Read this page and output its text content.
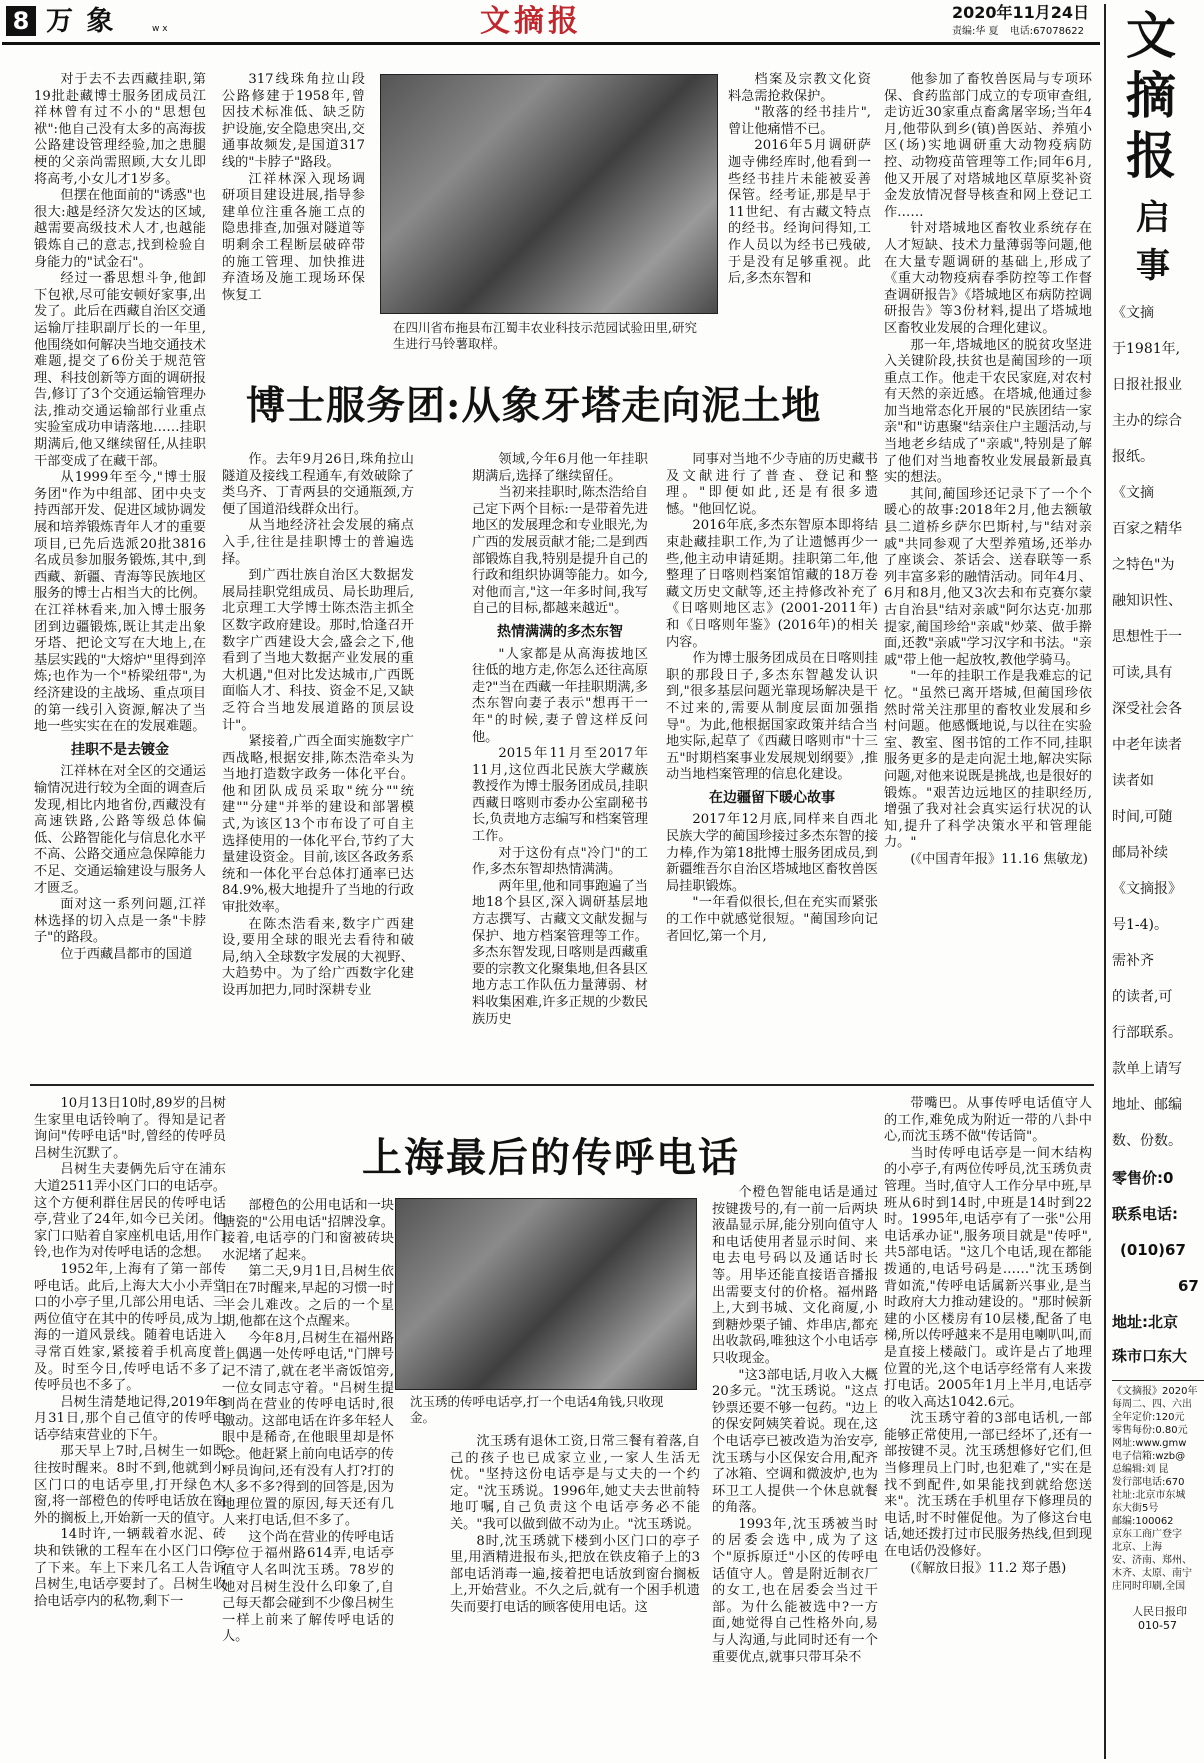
8 万 象	w x	文摘报	2020年11月24日
责编:华 夏 电话:67078622

对于去不去西藏挂职,第19批赴藏博士服务团成员江祥林曾有过不小的"思想包袱":他自己没有太多的高海拔公路建设管理经验,加之患腿梗的父亲尚需照顾,大女儿即将高考,小女儿才1岁多。

但摆在他面前的"诱惑"也很大:越是经济欠发达的区域,越需要高级技术人才,也越能锻炼自己的意志,找到检验自身能力的"试金石"。

经过一番思想斗争,他卸下包袱,尽可能安顿好家事,出发了。此后在西藏自治区交通运输厅挂职副厅长的一年里,他围绕如何解决当地交通技术难题,提交了6份关于规范管理、科技创新等方面的调研报告,修订了3个交通运输管理办法,推动交通运输部行业重点实验室成功申请落地……挂职期满后,他又继续留任,从挂职干部变成了在藏干部。

从1999年至今,"博士服务团"作为中组部、团中央支持西部开发、促进区域协调发展和培养锻炼青年人才的重要项目,已先后选派20批3816名成员参加服务锻炼,其中,到西藏、新疆、青海等民族地区服务的博士占相当大的比例。在江祥林看来,加入博士服务团到边疆锻炼,既让其走出象牙塔、把论文写在大地上,在基层实践的"大熔炉"里得到淬炼;也作为一个"桥梁纽带",为经济建设的主战场、重点项目的第一线引入资源,解决了当地一些实实在在的发展难题。

挂职不是去镀金

江祥林在对全区的交通运输情况进行较为全面的调查后发现,相比内地省份,西藏没有高速铁路,公路等级总体偏低、公路智能化与信息化水平不高、公路交通应急保障能力不足、交通运输建设与服务人才匮乏。

面对这一系列问题,江祥林选择的切入点是一条"卡脖子"的路段。

位于西藏昌都市的国道

317线珠角拉山段公路修建于1958年,曾因技术标准低、缺乏防护设施,安全隐患突出,交通事故频发,是国道317线的"卡脖子"路段。

江祥林深入现场调研项目建设进展,指导参建单位注重各施工点的隐患排查,加强对隧道等明剩余工程断层破碎带的施工管理、加快推进弃渣场及施工现场环保恢复工

在四川省布拖县布江蜀丰农业科技示范园试验田里,研究生进行马铃薯取样。

档案及宗教文化资料急需抢救保护。

"散落的经书挂片",曾让他痛惜不已。

2016年5月调研萨迦寺佛经库时,他看到一些经书挂片未能被妥善保管。经考证,那是早于11世纪、有古藏文特点的经书。经询问得知,工作人员以为经书已残破,于是没有足够重视。此后,多杰东智和

他参加了畜牧兽医局与专项环保、食药监部门成立的专项审查组,走访近30家重点畜禽屠宰场;当年4月,他带队到乡(镇)兽医站、养殖小区(场)实地调研重大动物疫病防控、动物疫苗管理等工作;同年6月,他又开展了对塔城地区草原奖补资金发放情况督导核查和网上登记工作……

针对塔城地区畜牧业系统存在人才短缺、技术力量薄弱等问题,他在大量专题调研的基础上,形成了《重大动物疫病春季防控等工作督查调研报告》《塔城地区布病防控调研报告》等3份材料,提出了塔城地区畜牧业发展的合理化建议。

那一年,塔城地区的脱贫攻坚进入关键阶段,扶贫也是蔺国珍的一项重点工作。他走干农民家庭,对农村有天然的亲近感。在塔城,他通过参加当地常态化开展的"民族团结一家亲"和"访惠聚"结亲住户主题活动,与当地老乡结成了"亲戚",特别是了解了他们对当地畜牧业发展最新最真实的想法。

其间,蔺国珍还记录下了一个个暖心的故事:2018年2月,他去额敏县二道桥乡萨尔巴斯村,与"结对亲戚"共同参观了大型养殖场,还举办了座谈会、茶话会、送春联等一系列丰富多彩的融情活动。同年4月、6月和8月,他又3次去和布克赛尔蒙古自治县"结对亲戚"阿尔达克·加那提家,蔺国珍给"亲戚"炒菜、做手擀面,还教"亲戚"学习汉字和书法。"亲戚"带上他一起放牧,教他学骑马。

"一年的挂职工作是我难忘的记忆。"虽然已离开塔城,但蔺国珍依然时常关注那里的畜牧业发展和乡村问题。他感慨地说,与以往在实验室、教室、图书馆的工作不同,挂职服务更多的是走向泥土地,解决实际问题,对他来说既是挑战,也是很好的锻炼。"艰苦边远地区的挂职经历,增强了我对社会真实运行状况的认知,提升了科学决策水平和管理能力。"

(《中国青年报》11.16 焦敏龙)

博士服务团:从象牙塔走向泥土地

作。去年9月26日,珠角拉山隧道及接线工程通车,有效破除了类乌齐、丁青两县的交通瓶颈,方便了国道沿线群众出行。

从当地经济社会发展的痛点入手,往往是挂职博士的普遍选择。

到广西壮族自治区大数据发展局挂职党组成员、局长助理后,北京理工大学博士陈杰浩主抓全区数字政府建设。那时,恰逢召开数字广西建设大会,盛会之下,他看到了当地大数据产业发展的重大机遇,"但对比发达城市,广西既面临人才、科技、资金不足,又缺乏符合当地发展道路的顶层设计"。

紧接着,广西全面实施数字广西战略,根据安排,陈杰浩牵头为当地打造数字政务一体化平台。他和团队成员采取"统分""统建""分建"并举的建设和部署模式,为该区13个市布设了可自主选择使用的一体化平台,节约了大量建设资金。目前,该区各政务系统和一体化平台总体打通率已达84.9%,极大地提升了当地的行政审批效率。

在陈杰浩看来,数字广西建设,要用全球的眼光去看待和破局,纳入全球数字发展的大视野、大趋势中。为了给广西数字化建设再加把力,同时深耕专业

领域,今年6月他一年挂职期满后,选择了继续留任。

当初来挂职时,陈杰浩给自己定下两个目标:一是带着先进地区的发展理念和专业眼光,为广西的发展贡献才能;二是到西部锻炼自我,特别是提升自己的行政和组织协调等能力。如今,对他而言,"这一年多时间,我写自己的目标,都越来越近"。

热情满满的多杰东智

"人家都是从高海拔地区往低的地方走,你怎么还往高原走?"当在西藏一年挂职期满,多杰东智向妻子表示"想再干一年"的时候,妻子曾这样反问他。

2015年11月至2017年11月,这位西北民族大学藏族教授作为博士服务团成员,挂职西藏日喀则市委办公室副秘书长,负责地方志编写和档案管理工作。

对于这份有点"冷门"的工作,多杰东智却热情满满。

两年里,他和同事跑遍了当地18个县区,深入调研基层地方志撰写、古藏文文献发掘与保护、地方档案管理等工作。多杰东智发现,日喀则是西藏重要的宗教文化聚集地,但各县区地方志工作队伍力量薄弱、材料收集困难,许多正规的少数民族历史

同事对当地不少寺庙的历史藏书及文献进行了普查、登记和整理。"即便如此,还是有很多遗憾。"他回忆说。

2016年底,多杰东智原本即将结束赴藏挂职工作,为了让遗憾再少一些,他主动申请延期。挂职第二年,他整理了日喀则档案馆馆藏的18万卷藏文历史文献等,还主持修改补充了《日喀则地区志》(2001-2011年)和《日喀则年鉴》(2016年)的相关内容。

作为博士服务团成员在日喀则挂职的那段日子,多杰东智越发认识到,"很多基层问题光靠现场解决是干不过来的,需要从制度层面加强指导"。为此,他根据国家政策并结合当地实际,起草了《西藏日喀则市"十三五"时期档案事业发展规划纲要》,推动当地档案管理的信息化建设。

在边疆留下暖心故事

2017年12月底,同样来自西北民族大学的蔺国珍接过多杰东智的接力棒,作为第18批博士服务团成员,到新疆维吾尔自治区塔城地区畜牧兽医局挂职锻炼。

"一年看似很长,但在充实而紧张的工作中就感觉很短。"蔺国珍向记者回忆,第一个月,

10月13日10时,89岁的吕树生家里电话铃响了。得知是记者询问"传呼电话"时,曾经的传呼员吕树生沉默了。

吕树生夫妻俩先后守在浦东大道2511弄小区门口的电话亭。这个方便利群住居民的传呼电话亭,营业了24年,如今已关闭。他家门口贴着自家座机电话,用作门铃,也作为对传呼电话的念想。

1952年,上海有了第一部传呼电话。此后,上海大大小小弄堂口的小亭子里,几部公用电话、三两位值守在其中的传呼员,成为上海的一道风景线。随着电话进入寻常百姓家,紧接着手机高度普及。时至今日,传呼电话不多了,传呼员也不多了。

吕树生清楚地记得,2019年8月31日,那个自己值守的传呼电话亭结束营业的下午。

那天早上7时,吕树生一如既往按时醒来。8时不到,他就到小区门口的电话亭里,打开绿色木窗,将一部橙色的传呼电话放在窗外的搁板上,开始新一天的值守。

14时许,一辆载着水泥、砖块和铁锹的工程车在小区门口停了下来。车上下来几名工人告诉吕树生,电话亭要封了。吕树生收拾电话亭内的私物,剩下一

上海最后的传呼电话

部橙色的公用电话和一块搪瓷的"公用电话"招牌没拿。接着,电话亭的门和窗被砖块水泥堵了起来。

第二天,9月1日,吕树生依旧在7时醒来,早起的习惯一时半会儿难改。之后的一个星期,他都在这个点醒来。

今年8月,吕树生在福州路上偶遇一处传呼电话,"门牌号记不清了,就在老半斋饭馆旁,一位女同志守着。"吕树生提到尚在营业的传呼电话时,很激动。这部电话在许多年轻人眼中是稀奇,在他眼里却是怀念。他赶紧上前向电话亭的传呼员询问,还有没有人打?打的人多不多?得到的回答是,因为地理位置的原因,每天还有几人来打电话,但不多了。

这个尚在营业的传呼电话亭位于福州路614弄,电话亭值守人名叫沈玉琇。78岁的她对吕树生没什么印象了,自己每天都会碰到不少像吕树生一样上前来了解传呼电话的人。

沈玉琇的传呼电话亭,打一个电话4角钱,只收现金。

个橙色智能电话是通过按键拨号的,有一前一后两块液晶显示屏,能分别向值守人和电话使用者显示时间、来电去电号码以及通话时长等。用毕还能直接语音播报出需要支付的价格。福州路上,大到书城、文化商厦,小到糖炒栗子铺、炸串店,都充出收款码,唯独这个小电话亭只收现金。

"这3部电话,月收入大概20多元。"沈玉琇说。"这点钞票还要不够一包药。"边上的保安阿姨笑着说。现在,这个电话亭已被改造为治安亭,沈玉琇与小区保安合用,配齐了冰箱、空调和微波炉,也为环卫工人提供一个休息就餐的角落。

1993年,沈玉琇被当时的居委会选中,成为了这个"原拆原迁"小区的传呼电话值守人。曾是附近制衣厂的女工,也在居委会当过干部。为什么能被选中?一方面,她觉得自己性格外向,易与人沟通,与此同时还有一个重要优点,就事只带耳朵不

沈玉琇有退休工资,日常三餐有着落,自己的孩子也已成家立业,一家人生活无忧。"坚持这份电话亭是与丈夫的一个约定。"沈玉琇说。1996年,她丈夫去世前特地叮嘱,自己负责这个电话亭务必不能关。"我可以做到做不动为止。"沈玉琇说。

8时,沈玉琇就下楼到小区门口的亭子里,用酒精进报布头,把放在铁皮箱子上的3部电话消毒一遍,接着把电话放到窗台搁板上,开始营业。不久之后,就有一个困手机遗失而要打电话的顾客使用电话。这

带嘴巴。从事传呼电话值守人的工作,难免成为附近一带的八卦中心,而沈玉琇不做"传话筒"。

当时传呼电话亭是一间木结构的小亭子,有两位传呼员,沈玉琇负责管理。当时,值守人工作分早中班,早班从6时到14时,中班是14时到22时。1995年,电话亭有了一张"公用电话承办证",服务项目就是"传呼",共5部电话。"这几个电话,现在都能拨通的,电话号码是……"沈玉琇倒背如流,"传呼电话属新兴事业,是当时政府大力推动建设的。"那时候新建的小区楼房有10层楼,配备了电梯,所以传呼越来不是用电喇叭叫,而是直接上楼敲门。或许是占了地理位置的光,这个电话亭经常有人来拨打电话。2005年1月上半月,电话亭的收入高达1042.6元。

沈玉琇守着的3部电话机,一部能够正常使用,一部已经坏了,还有一部按键不灵。沈玉琇想修好它们,但当修理员上门时,也犯难了,"实在是找不到配件,如果能找到就给您送来"。沈玉琇在手机里存下修理员的电话,时不时催促他。为了修这台电话,她还拨打过市民服务热线,但到现在电话仍没修好。

(《解放日报》11.2 郑子愚)

文
摘
报
启
事
《文摘
于1981年,
日报社报业
主办的综合
报纸。
《文摘
百家之精华
之特色"为
融知识性、
思想性于一
可读,具有
深受社会各
中老年读者
读者如
时间,可随
邮局补续
《文摘报》
号1-4)。
需补齐
的读者,可
行部联系。
款单上请写
地址、邮编
数、份数。
零售价:0
联系电话:
(010)67
67
地址:北京
珠市口东大
《文摘报》2020年
每周二、四、六出
全年定价:120元
零售每份:0.80元
网址:www.gmw
电子信箱:wzb@
总编辑:刘 昆
发行部电话:670
社址:北京市东城
东大街5号
邮编:100062
京东工商广登字
北京、上海
安、济南、郑州、
木齐、太原、南宁
庄同时印刷,全国
人民日报印
010-57
